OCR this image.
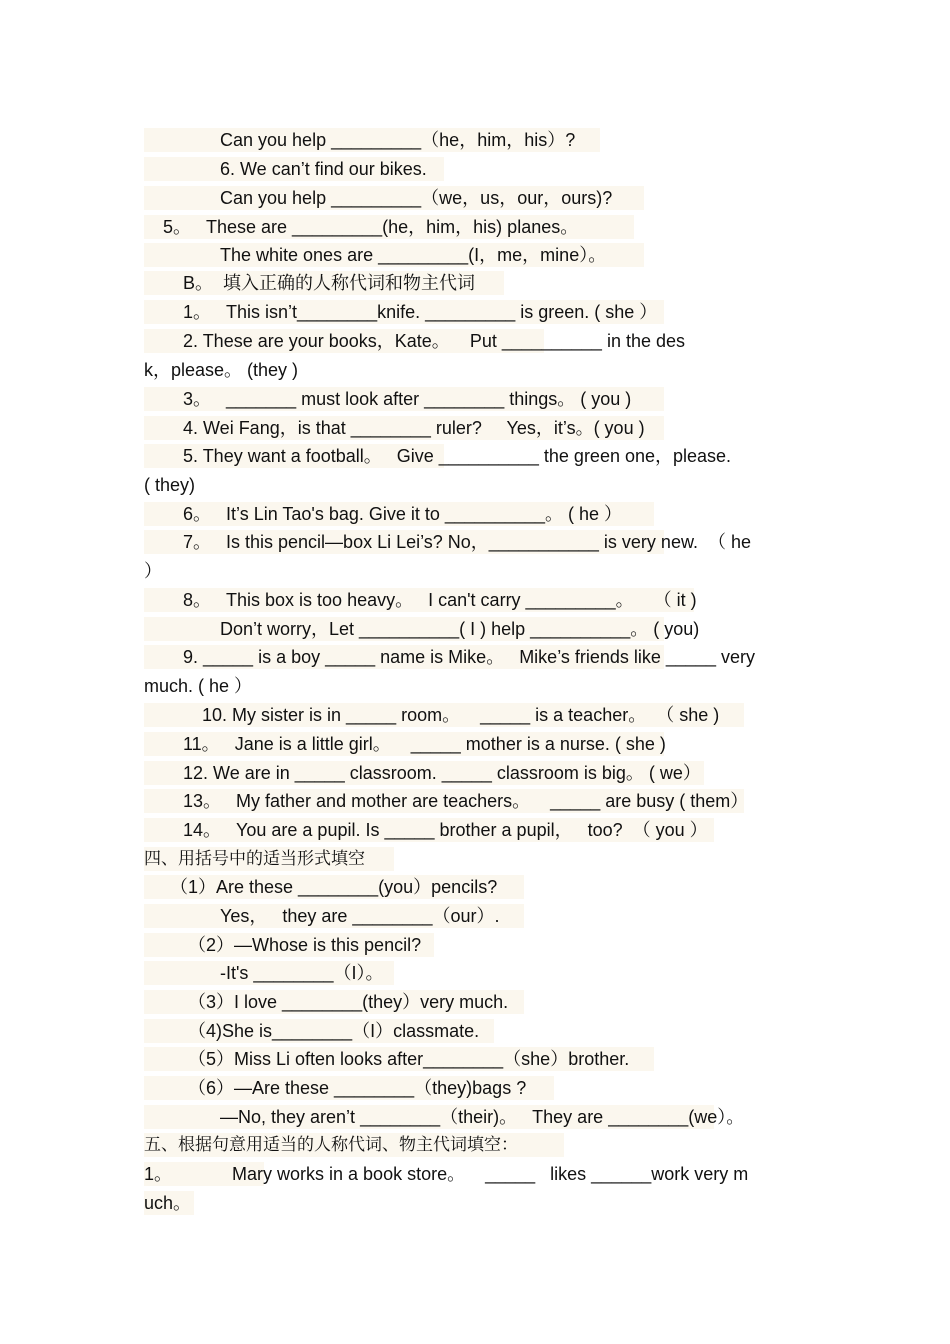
Can you help _________（he，him，his）?
6. We can’t find our bikes.
Can you help _________（we，us，our，ours)?
5。   These are _________(he，him，his) planes。
The white ones are _________(I，me，mine）。
B。  填入正确的人称代词和物主代词
1。   This isn’t________knife. _________ is green. ( she ）
2. These are your books，Kate。    Put __________ in the des
k，please。 (they )
3。   _______ must look after ________ things。 ( you )
4. Wei Fang，is that ________ ruler?     Yes，it’s。( you )
5. They want a football。   Give __________ the green one，please.
( they)
6。   It’s Lin Tao's bag. Give it to __________。 ( he ）
7。   Is this pencil—box Li Lei’s? No，___________ is very new.  （ he
）
8。   This box is too heavy。   I can't carry _________。    （ it )
Don’t worry，Let __________( I ) help __________。 ( you)
9. _____ is a boy _____ name is Mike。   Mike’s friends like _____ very
much. ( he ）
10. My sister is in _____ room。    _____ is a teacher。  （ she )
11。   Jane is a little girl。    _____ mother is a nurse. ( she )
12. We are in _____ classroom. _____ classroom is big。 ( we）
13。   My father and mother are teachers。    _____ are busy ( them）
14。   You are a pupil. Is _____ brother a pupil，   too?  （ you ）
四、用括号中的适当形式填空
（1）Are these ________(you）pencils?
Yes，   they are ________（our）.
（2）—Whose is this pencil?
-It's ________（I）。
（3）I love ________(they）very much.
（4)She is________（I）classmate.
（5）Miss Li often looks after________（she）brother.
（6）—Are these ________（they)bags ?
—No, they aren’t ________（their)。   They are ________(we）。
五、根据句意用适当的人称代词、物主代词填空：
1。            Mary works in a book store。    _____   likes ______work very m
uch。
